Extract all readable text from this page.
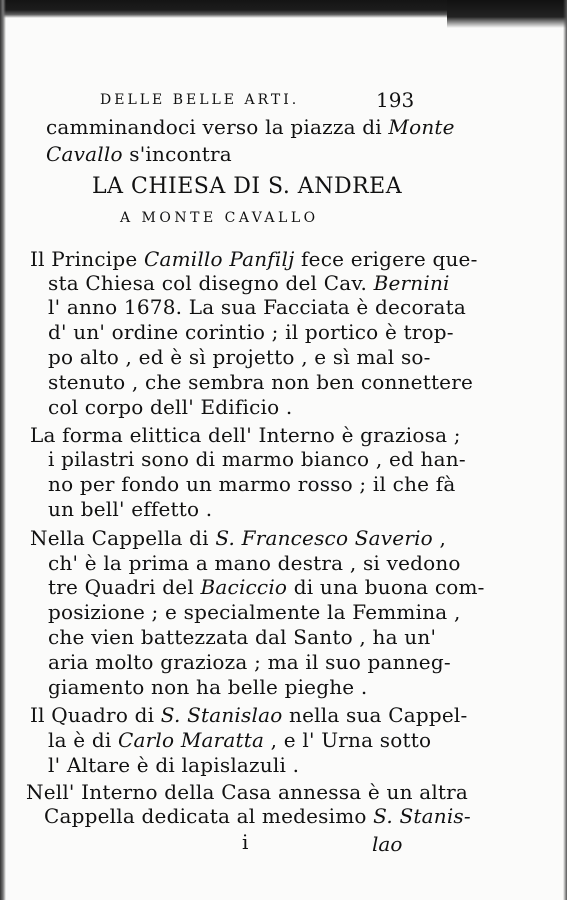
DELLE BELLE ARTI.	193
camminandoci verso la piazza di Monte
Cavallo s'incontra
LA CHIESA DI S. ANDREA
A MONTE CAVALLO
Il Principe Camillo Panfilj fece erigere que-
sta Chiesa col disegno del Cav. Bernini
l' anno 1678. La sua Facciata è decorata
d' un' ordine corintio ; il portico è trop-
po alto , ed è sì projetto , e sì mal so-
stenuto , che sembra non ben connettere
col corpo dell' Edificio .
La forma elittica dell' Interno è graziosa ;
i pilastri sono di marmo bianco , ed han-
no per fondo un marmo rosso ; il che fà
un bell' effetto .
Nella Cappella di S. Francesco Saverio ,
ch' è la prima a mano destra , si vedono
tre Quadri del Baciccio di una buona com-
posizione ; e specialmente la Femmina ,
che vien battezzata dal Santo , ha un'
aria molto grazioza ; ma il suo panneg-
giamento non ha belle pieghe .
Il Quadro di S. Stanislao nella sua Cappel-
la è di Carlo Maratta , e l' Urna sotto
l' Altare è di lapislazuli .
Nell' Interno della Casa annessa è un altra
Cappella dedicata al medesimo S. Stanis-
i	lao
